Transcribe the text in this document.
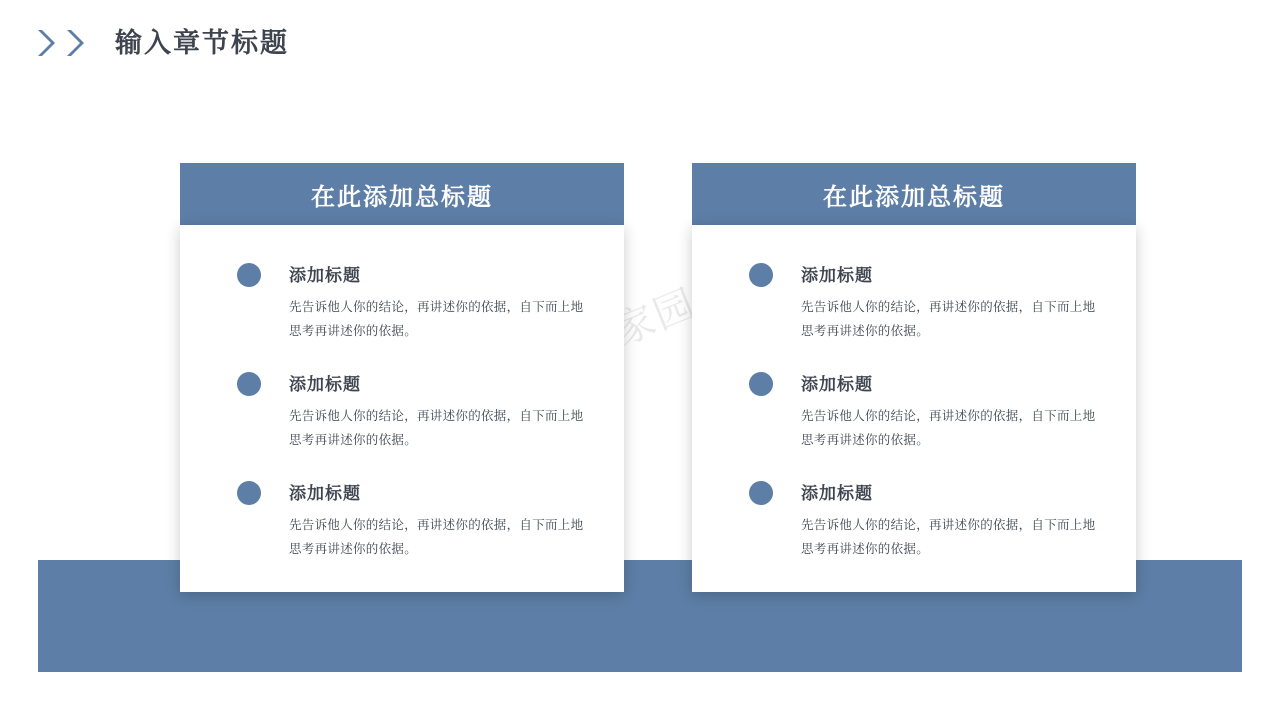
输入章节标题
在此添加总标题
添加标题
先告诉他人你的结论，再讲述你的依据，自下而上地思考再讲述你的依据。
添加标题
先告诉他人你的结论，再讲述你的依据，自下而上地思考再讲述你的依据。
添加标题
先告诉他人你的结论，再讲述你的依据，自下而上地思考再讲述你的依据。
在此添加总标题
添加标题
先告诉他人你的结论，再讲述你的依据，自下而上地思考再讲述你的依据。
添加标题
先告诉他人你的结论，再讲述你的依据，自下而上地思考再讲述你的依据。
添加标题
先告诉他人你的结论，再讲述你的依据，自下而上地思考再讲述你的依据。
